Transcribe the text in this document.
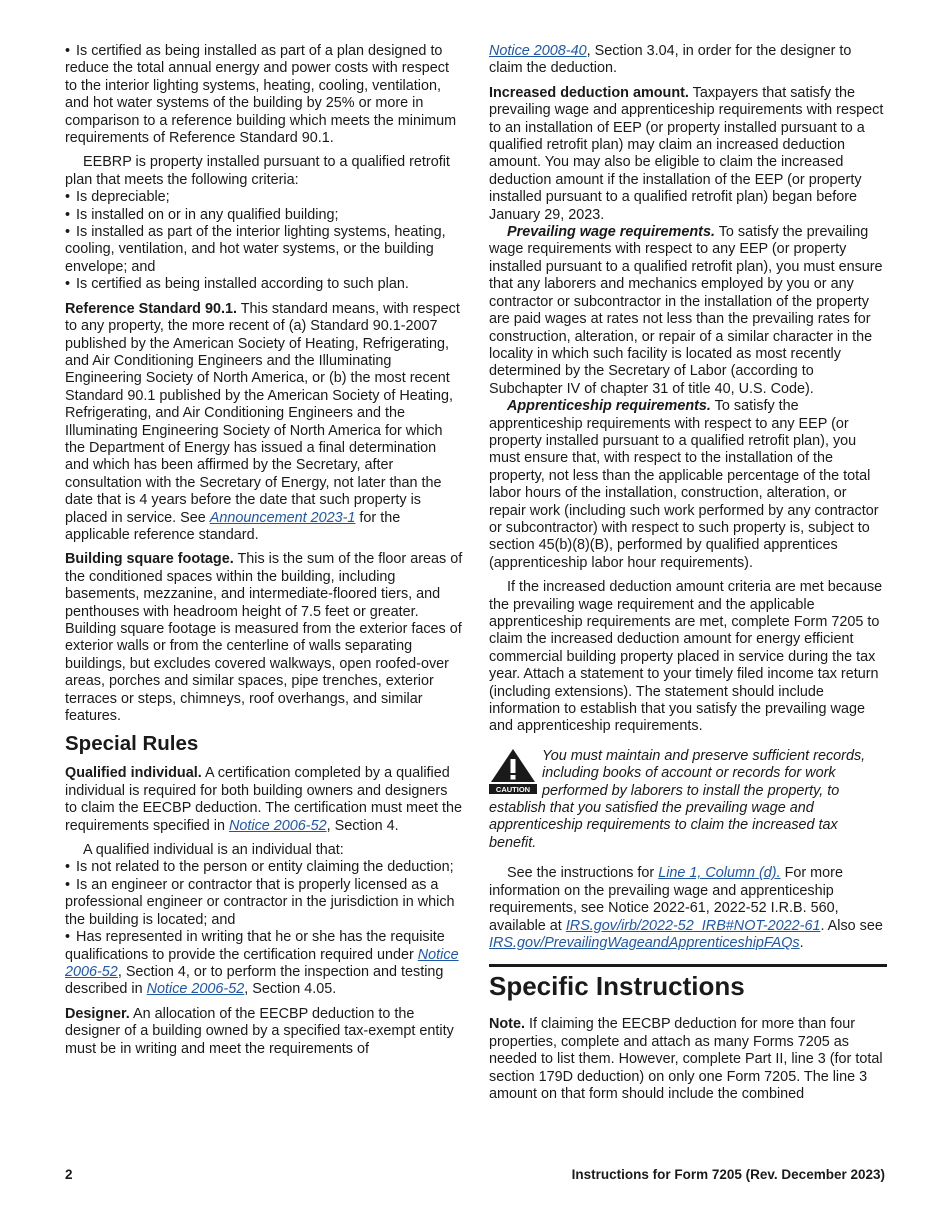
• Is certified as being installed as part of a plan designed to reduce the total annual energy and power costs with respect to the interior lighting systems, heating, cooling, ventilation, and hot water systems of the building by 25% or more in comparison to a reference building which meets the minimum requirements of Reference Standard 90.1.

EEBRP is property installed pursuant to a qualified retrofit plan that meets the following criteria:

• Is depreciable;

• Is installed on or in any qualified building;

• Is installed as part of the interior lighting systems, heating, cooling, ventilation, and hot water systems, or the building envelope; and

• Is certified as being installed according to such plan.

Reference Standard 90.1. This standard means, with respect to any property, the more recent of (a) Standard 90.1-2007 published by the American Society of Heating, Refrigerating, and Air Conditioning Engineers and the Illuminating Engineering Society of North America, or (b) the most recent Standard 90.1 published by the American Society of Heating, Refrigerating, and Air Conditioning Engineers and the Illuminating Engineering Society of North America for which the Department of Energy has issued a final determination and which has been affirmed by the Secretary, after consultation with the Secretary of Energy, not later than the date that is 4 years before the date that such property is placed in service. See Announcement 2023-1 for the applicable reference standard.

Building square footage. This is the sum of the floor areas of the conditioned spaces within the building, including basements, mezzanine, and intermediate-floored tiers, and penthouses with headroom height of 7.5 feet or greater. Building square footage is measured from the exterior faces of exterior walls or from the centerline of walls separating buildings, but excludes covered walkways, open roofed-over areas, porches and similar spaces, pipe trenches, exterior terraces or steps, chimneys, roof overhangs, and similar features.

Special Rules

Qualified individual. A certification completed by a qualified individual is required for both building owners and designers to claim the EECBP deduction. The certification must meet the requirements specified in Notice 2006-52, Section 4.

A qualified individual is an individual that:

• Is not related to the person or entity claiming the deduction;

• Is an engineer or contractor that is properly licensed as a professional engineer or contractor in the jurisdiction in which the building is located; and

• Has represented in writing that he or she has the requisite qualifications to provide the certification required under Notice 2006-52, Section 4, or to perform the inspection and testing described in Notice 2006-52, Section 4.05.

Designer. An allocation of the EECBP deduction to the designer of a building owned by a specified tax-exempt entity must be in writing and meet the requirements of

Notice 2008-40, Section 3.04, in order for the designer to claim the deduction.

Increased deduction amount. Taxpayers that satisfy the prevailing wage and apprenticeship requirements with respect to an installation of EEP (or property installed pursuant to a qualified retrofit plan) may claim an increased deduction amount. You may also be eligible to claim the increased deduction amount if the installation of the EEP (or property installed pursuant to a qualified retrofit plan) began before January 29, 2023.

Prevailing wage requirements. To satisfy the prevailing wage requirements with respect to any EEP (or property installed pursuant to a qualified retrofit plan), you must ensure that any laborers and mechanics employed by you or any contractor or subcontractor in the installation of the property are paid wages at rates not less than the prevailing rates for construction, alteration, or repair of a similar character in the locality in which such facility is located as most recently determined by the Secretary of Labor (according to Subchapter IV of chapter 31 of title 40, U.S. Code).

Apprenticeship requirements. To satisfy the apprenticeship requirements with respect to any EEP (or property installed pursuant to a qualified retrofit plan), you must ensure that, with respect to the installation of the property, not less than the applicable percentage of the total labor hours of the installation, construction, alteration, or repair work (including such work performed by any contractor or subcontractor) with respect to such property is, subject to section 45(b)(8)(B), performed by qualified apprentices (apprenticeship labor hour requirements).

If the increased deduction amount criteria are met because the prevailing wage requirement and the applicable apprenticeship requirements are met, complete Form 7205 to claim the increased deduction amount for energy efficient commercial building property placed in service during the tax year. Attach a statement to your timely filed income tax return (including extensions). The statement should include information to establish that you satisfy the prevailing wage and apprenticeship requirements.

CAUTION
You must maintain and preserve sufficient records, including books of account or records for work performed by laborers to install the property, to establish that you satisfied the prevailing wage and apprenticeship requirements to claim the increased tax benefit.

See the instructions for Line 1, Column (d). For more information on the prevailing wage and apprenticeship requirements, see Notice 2022-61, 2022-52 I.R.B. 560, available at IRS.gov/irb/2022-52_IRB#NOT-2022-61. Also see IRS.gov/PrevailingWageandApprenticeshipFAQs.

Specific Instructions

Note. If claiming the EECBP deduction for more than four properties, complete and attach as many Forms 7205 as needed to list them. However, complete Part II, line 3 (for total section 179D deduction) on only one Form 7205. The line 3 amount on that form should include the combined

2	Instructions for Form 7205 (Rev. December 2023)
